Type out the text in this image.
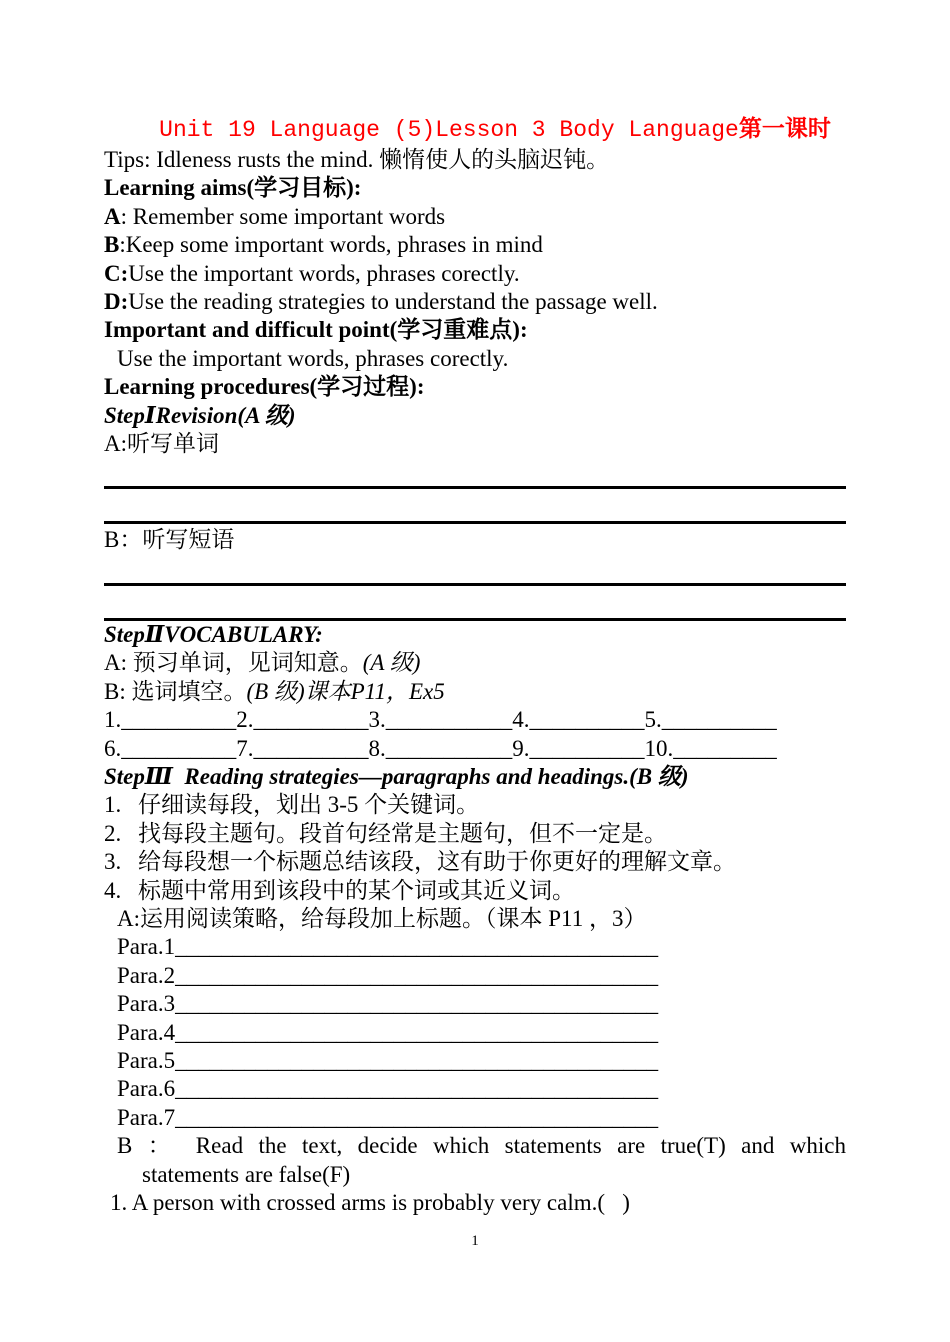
Unit 19 Language (5)Lesson 3 Body Language第一课时
Tips: Idleness rusts the mind. 懒惰使人的头脑迟钝。
Learning aims(学习目标):
A: Remember some important words
B:Keep some important words, phrases in mind
C:Use the important words, phrases corectly.
D:Use the reading strategies to understand the passage well.
Important and difficult point(学习重难点):
Use the important words, phrases corectly.
Learning procedures(学习过程):
StepⅠRevision(A 级)
A:听写单词
B：听写短语
StepⅡVOCABULARY:
A: 预习单词，见词知意。(A 级)
B: 选词填空。(B 级)课本P11，Ex5
1.__________2.__________3.___________4.__________5.__________
6.__________7.__________8.___________9.__________10._________
StepⅢ  Reading strategies—paragraphs and headings.(B 级)
1. 仔细读每段，划出 3-5 个关键词。
2. 找每段主题句。段首句经常是主题句，但不一定是。
3. 给每段想一个标题总结该段，这有助于你更好的理解文章。
4. 标题中常用到该段中的某个词或其近义词。
A:运用阅读策略，给每段加上标题。（课本 P11 ，3）
Para.1__________________________________________
Para.2__________________________________________
Para.3__________________________________________
Para.4__________________________________________
Para.5__________________________________________
Para.6__________________________________________
Para.7__________________________________________
B ： Read the text, decide which statements are true(T) and which
statements are false(F)
1. A person with crossed arms is probably very calm.(   )
1
